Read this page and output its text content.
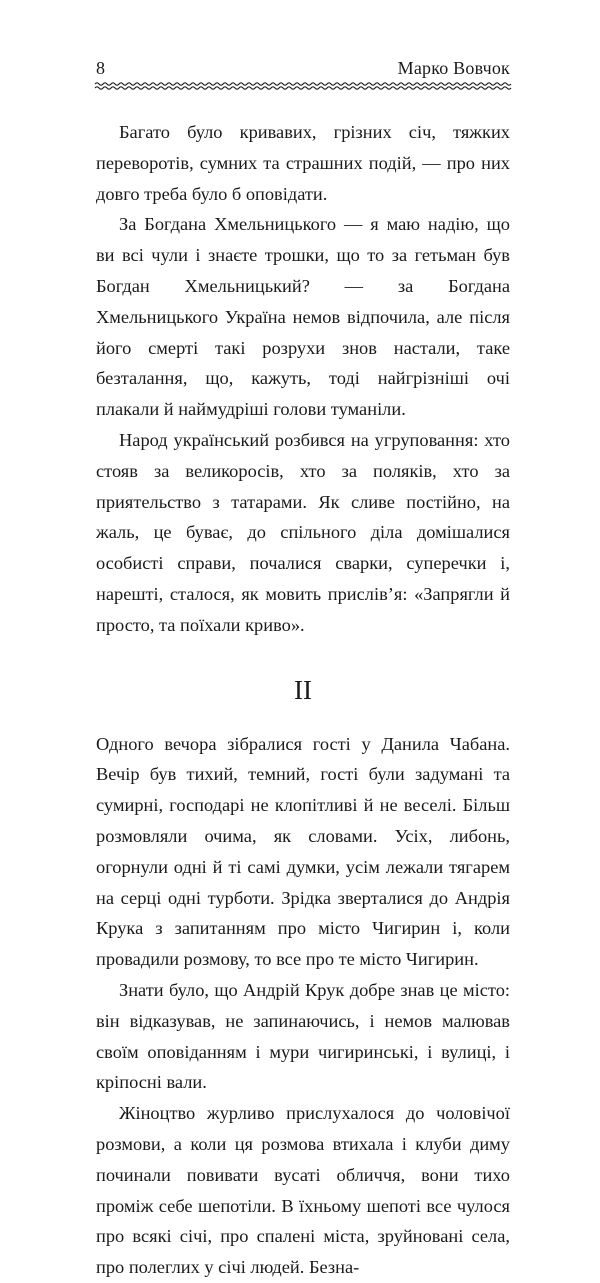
8	Марко Вовчок

Багато було кривавих, грізних січ, тяжких переворотів, сумних та страшних подій, — про них довго треба було б оповідати.

За Богдана Хмельницького — я маю надію, що ви всі чули і знаєте трошки, що то за гетьман був Богдан Хмельницький? — за Богдана Хмельницького Україна немов відпочила, але після його смерті такі розрухи знов настали, таке безталання, що, кажуть, тоді найгрізніші очі плакали й наймудріші голови туманіли.

Народ український розбився на угруповання: хто стояв за великоросів, хто за поляків, хто за приятельство з татарами. Як сливе постійно, на жаль, це буває, до спільного діла домішалися особисті справи, почалися сварки, суперечки і, нарешті, сталося, як мовить прислів’я: «Запрягли й просто, та поїхали криво».

II

Одного вечора зібралися гості у Данила Чабана. Вечір був тихий, темний, гості були задумані та сумирні, господарі не клопітливі й не веселі. Більш розмовляли очима, як словами. Усіх, либонь, огорнули одні й ті самі думки, усім лежали тягарем на серці одні турботи. Зрідка зверталися до Андрія Крука з запитанням про місто Чигирин і, коли провадили розмову, то все про те місто Чигирин.

Знати було, що Андрій Крук добре знав це місто: він відказував, не запинаючись, і немов малював своїм оповіданням і мури чигиринські, і вулиці, і кріпосні вали.

Жіноцтво журливо прислухалося до чоловічої розмови, а коли ця розмова втихала і клуби диму починали повивати вусаті обличчя, вони тихо проміж себе шепотіли. В їхньому шепоті все чулося про всякі січі, про спалені міста, зруйновані села, про полеглих у січі людей. Безна-
